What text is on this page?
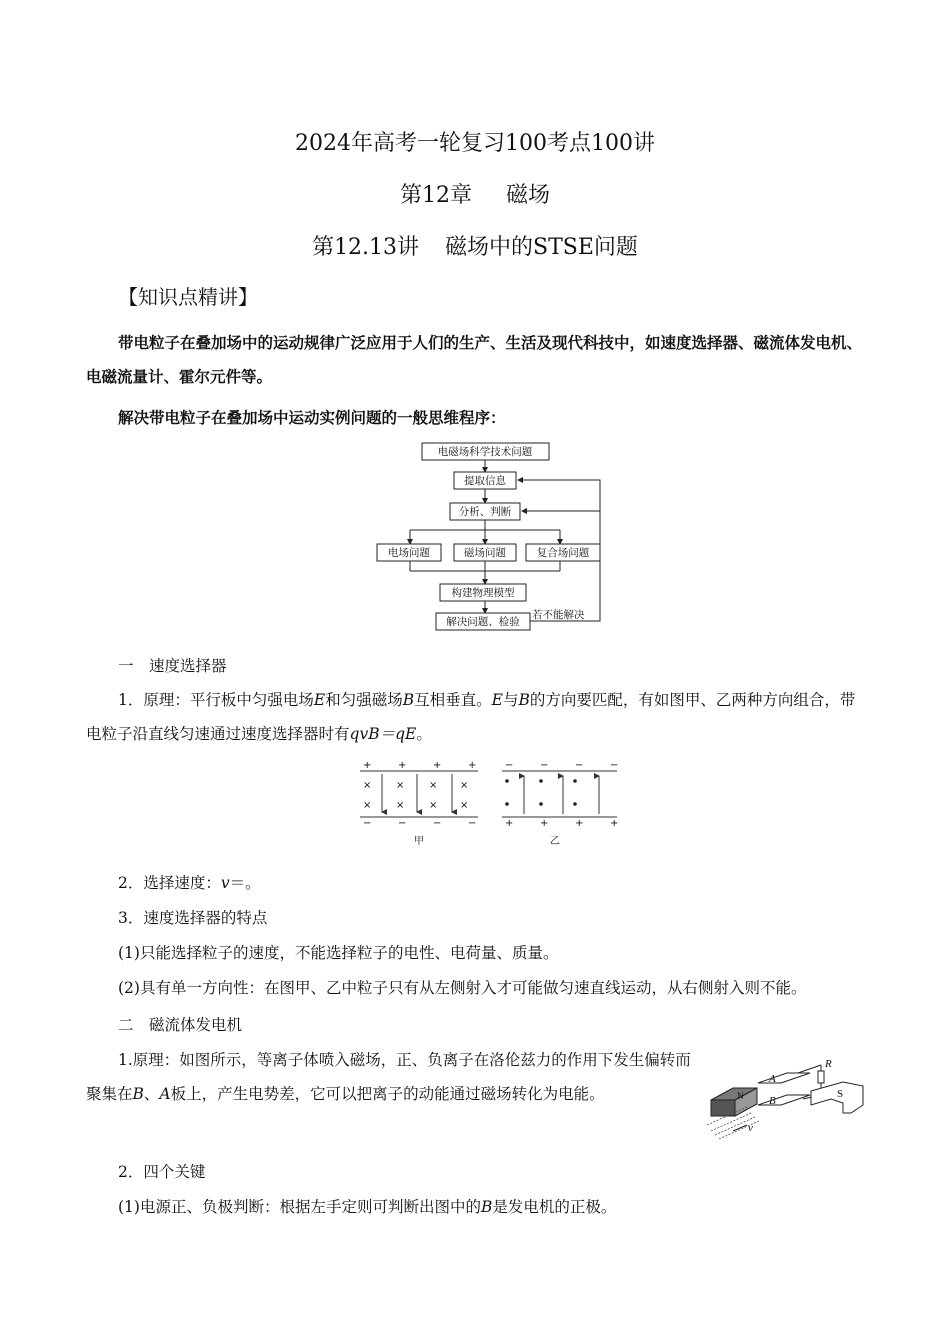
2024年高考一轮复习100考点100讲
第12章 磁场
第12.13讲 磁场中的STSE问题
【知识点精讲】
带电粒子在叠加场中的运动规律广泛应用于人们的生产、生活及现代科技中，如速度选择器、磁流体发电机、电磁流量计、霍尔元件等。
解决带电粒子在叠加场中运动实例问题的一般思维程序：
电磁场科学技术问题
提取信息
分析、判断
电场问题	磁场问题	复合场问题
构建物理模型
解决问题、检验
若不能解决
一　速度选择器
1．原理：平行板中匀强电场E和匀强磁场B互相垂直。E与B的方向要匹配，有如图甲、乙两种方向组合，带电粒子沿直线匀速通过速度选择器时有qvB＝qE。
+	+	+	+
× × × ×
× × × ×
−	−	−	−
甲
−	−	−	−
+	+	+	+
乙
2．选择速度：v＝。
3．速度选择器的特点
(1)只能选择粒子的速度，不能选择粒子的电性、电荷量、质量。
(2)具有单一方向性：在图甲、乙中粒子只有从左侧射入才可能做匀速直线运动，从右侧射入则不能。
二　磁流体发电机
1.原理：如图所示，等离子体喷入磁场，正、负离子在洛伦兹力的作用下发生偏转而聚集在B、A板上，产生电势差，它可以把离子的动能通过磁场转化为电能。	N
A
B
R
S
v
2．四个关键
(1)电源正、负极判断：根据左手定则可判断出图中的B是发电机的正极。
